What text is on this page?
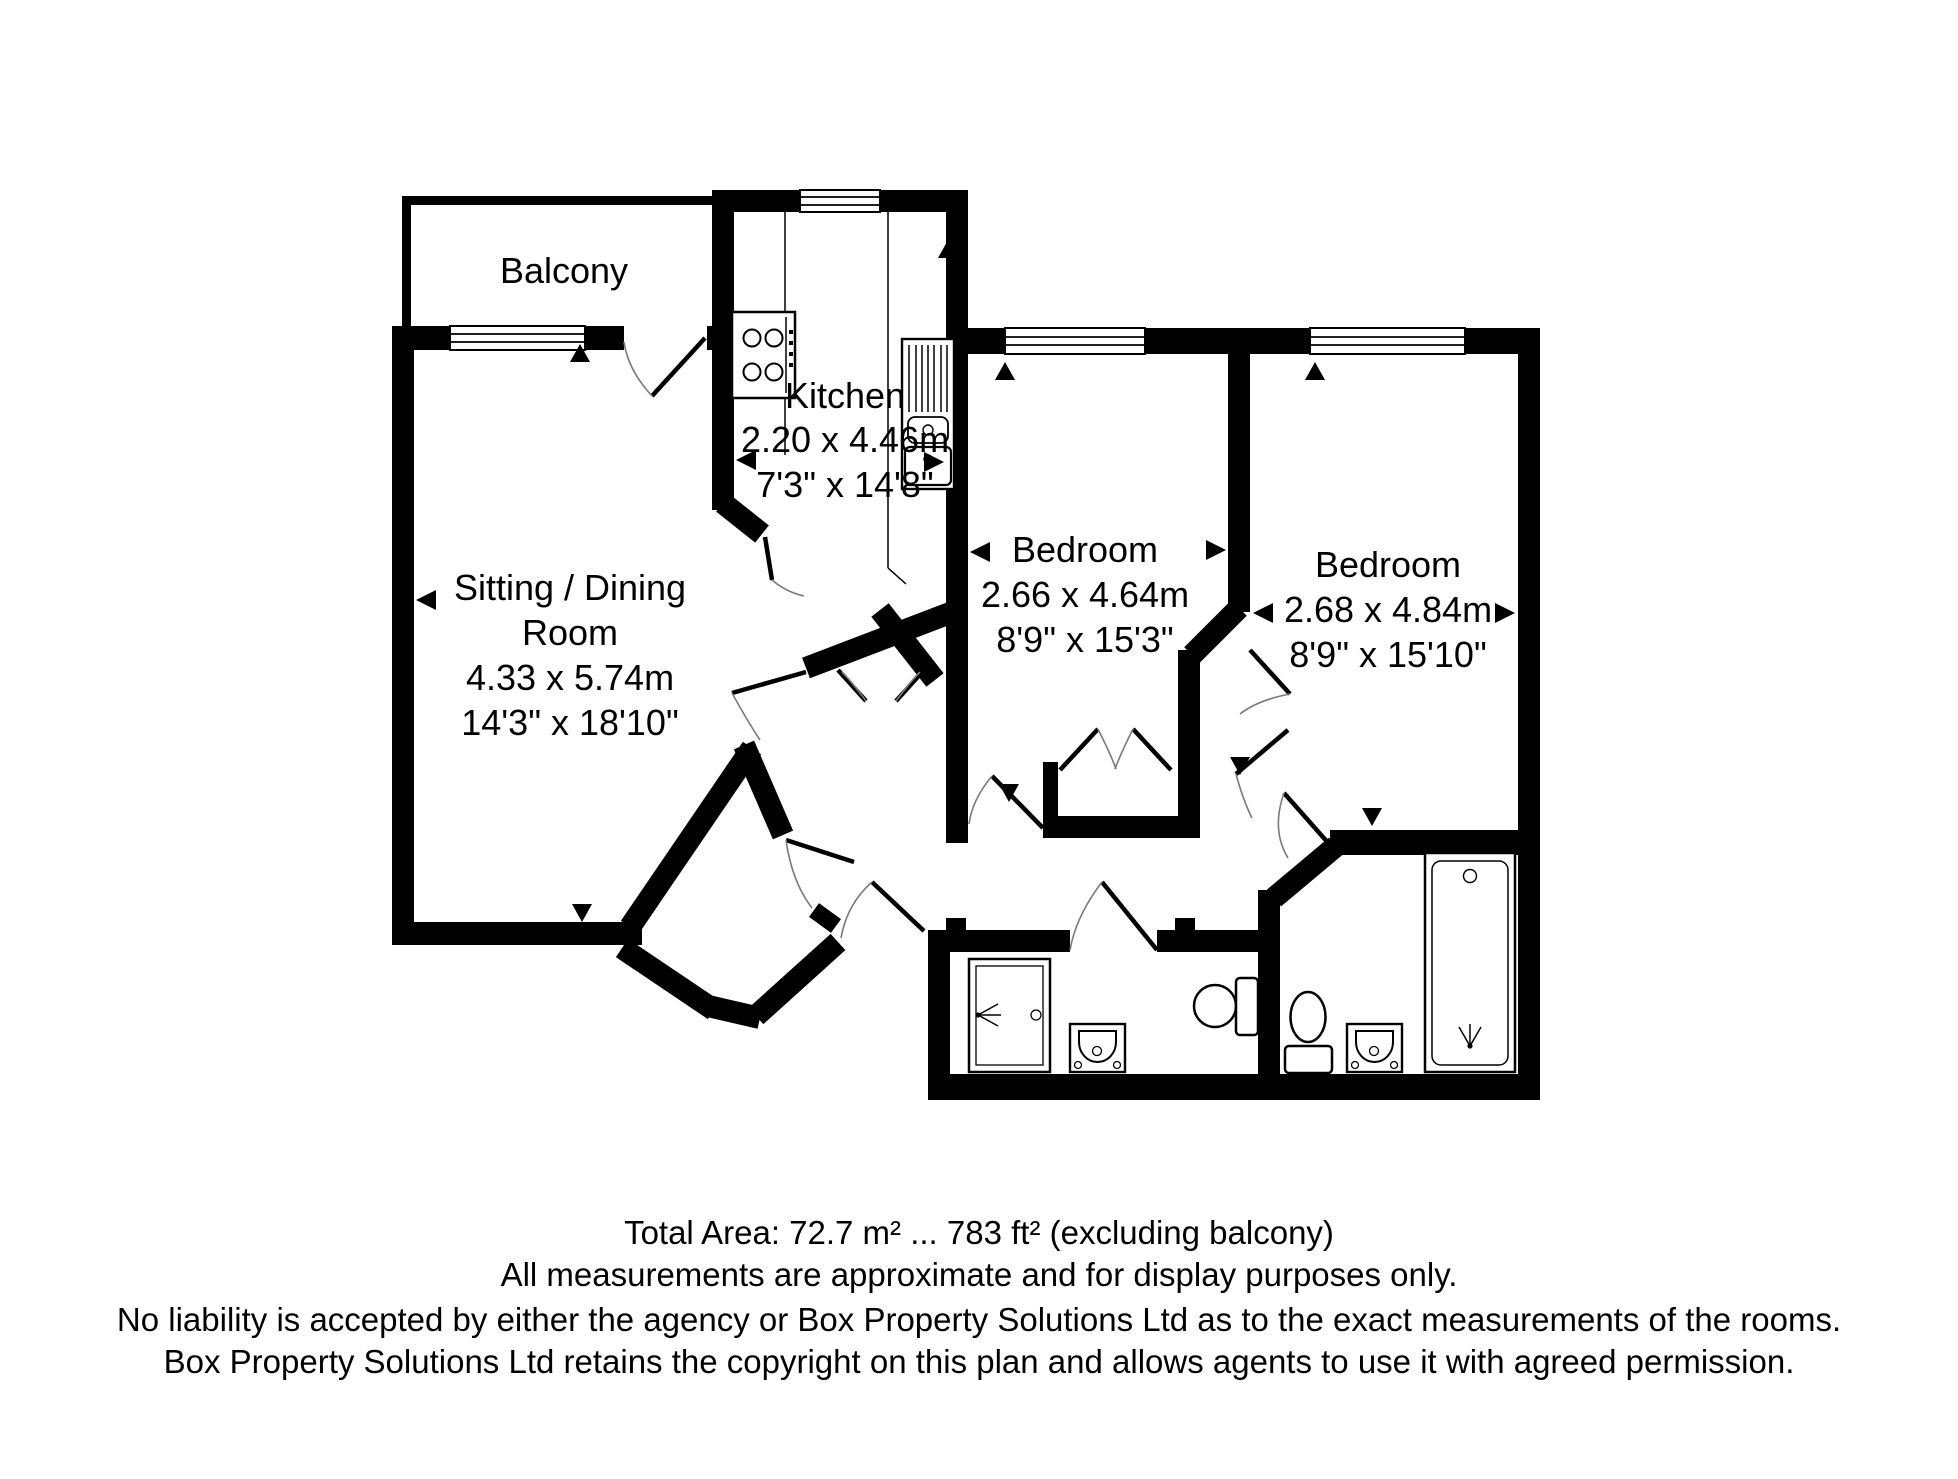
Balcony
Kitchen
2.20 x 4.46m
7'3" x 14'8"
Sitting / Dining
Room
4.33 x 5.74m
14'3" x 18'10"
Bedroom
2.66 x 4.64m
8'9" x 15'3"
Bedroom
2.68 x 4.84m
8'9" x 15'10"
Total Area: 72.7 m² ... 783 ft² (excluding balcony)
All measurements are approximate and for display purposes only.
No liability is accepted by either the agency or Box Property Solutions Ltd as to the exact measurements of the rooms.
Box Property Solutions Ltd retains the copyright on this plan and allows agents to use it with agreed permission.
